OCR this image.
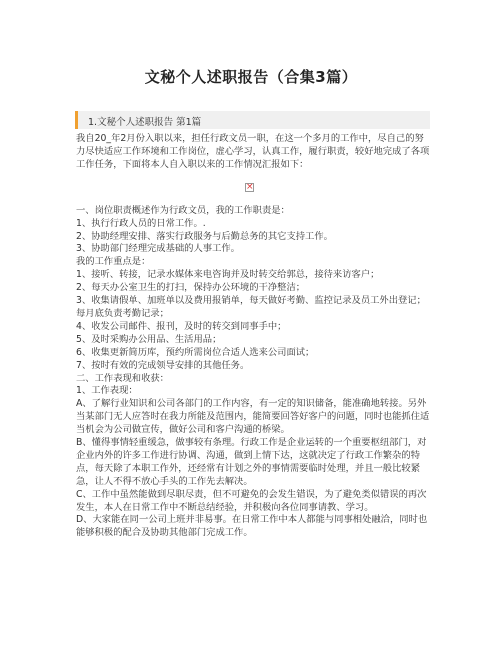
文秘个人述职报告（合集3篇）
1.文秘个人述职报告 第1篇

我自20_年2月份入职以来，担任行政文员一职，在这一个多月的工作中，尽自己的努力尽快适应工作环境和工作岗位，虚心学习，认真工作，履行职责，较好地完成了各项工作任务，下面将本人自入职以来的工作情况汇报如下：

一、岗位职责概述作为行政文员，我的工作职责是：

1、执行行政人员的日常工作。.

2、协助经理安排、落实行政服务与后勤总务的其它支持工作。

3、协助部门经理完成基础的人事工作。

我的工作重点是：

1、接听、转接，记录水媒体来电咨询并及时转交给郭总，接待来访客户；

2、每天办公室卫生的打扫，保持办公环境的干净整洁；

3、收集请假单、加班单以及费用报销单，每天做好考勤、监控记录及员工外出登记；每月底负责考勤记录；

4、收发公司邮件、报刊，及时的转交到同事手中；

5、及时采购办公用品、生活用品；

6、收集更新简历库，预约所需岗位合适人选来公司面试；

7、按时有效的完成领导安排的其他任务。

二、工作表现和收获：

1、工作表现：

A、了解行业知识和公司各部门的工作内容，有一定的知识储备，能准确地转接。另外当某部门无人应答时在我力所能及范围内，能简要回答好客户的问题，同时也能抓住适当机会为公司做宣传，做好公司和客户沟通的桥梁。

B、懂得事情轻重缓急，做事较有条理。行政工作是企业运转的一个重要枢纽部门，对企业内外的许多工作进行协调、沟通，做到上情下达，这就决定了行政工作繁杂的特点，每天除了本职工作外，还经常有计划之外的事情需要临时处理，并且一般比较紧急，让人不得不放心手头的工作先去解决。

C、工作中虽然能做到尽职尽责，但不可避免的会发生错误，为了避免类似错误的再次发生，本人在日常工作中不断总结经验，并积极向各位同事请教、学习。

D、大家能在同一公司上班并非易事。在日常工作中本人都能与同事相处融洽，同时也能够积极的配合及协助其他部门完成工作。

×
